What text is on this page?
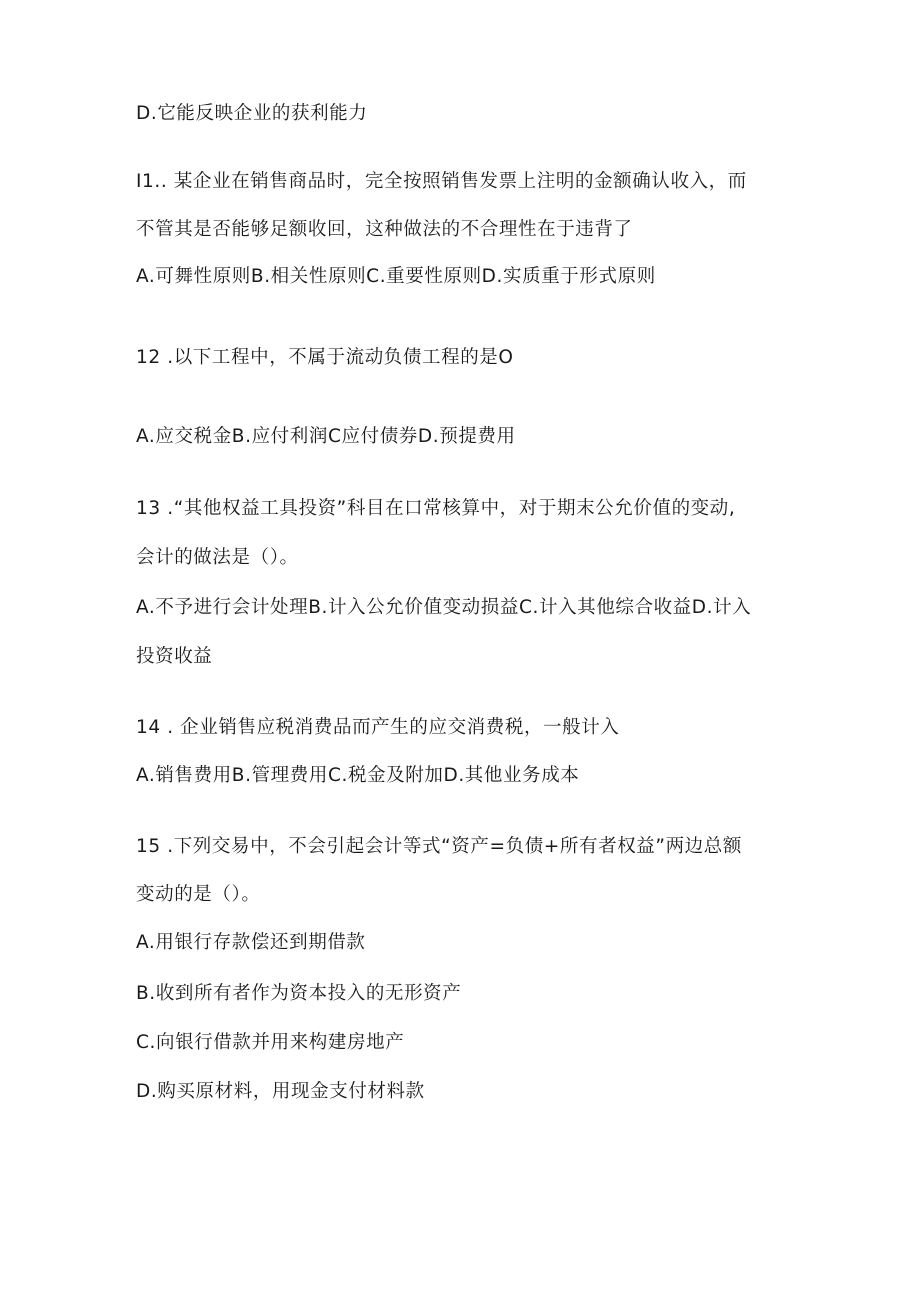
D.它能反映企业的获利能力
I1.. 某企业在销售商品时，完全按照销售发票上注明的金额确认收入，而
不管其是否能够足额收回，这种做法的不合理性在于违背了
A.可舞性原则B.相关性原则C.重要性原则D.实质重于形式原则
12 .以下工程中，不属于流动负债工程的是O
A.应交税金B.应付利润C应付债券D.预提费用
13 .“其他权益工具投资”科目在口常核算中，对于期末公允价值的变动,
会计的做法是（）。
A.不予进行会计处理B.计入公允价值变动损益C.计入其他综合收益D.计入
投资收益
14 . 企业销售应税消费品而产生的应交消费税，一般计入
A.销售费用B.管理费用C.税金及附加D.其他业务成本
15 .下列交易中，不会引起会计等式“资产=负债+所有者权益”两边总额
变动的是（）。
A.用银行存款偿还到期借款
B.收到所有者作为资本投入的无形资产
C.向银行借款并用来构建房地产
D.购买原材料，用现金支付材料款
